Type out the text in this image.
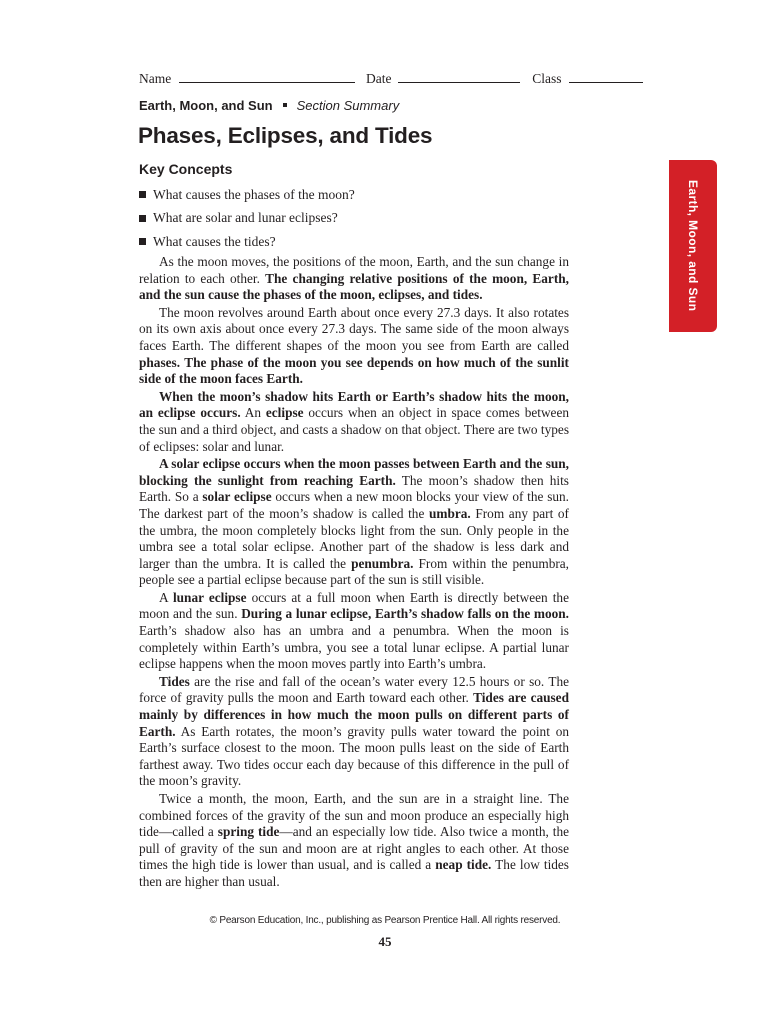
Name	Date	Class
Earth, Moon, and Sun Section Summary
Phases, Eclipses, and Tides
Key Concepts
What causes the phases of the moon?
What are solar and lunar eclipses?
What causes the tides?	Earth, Moon, and Sun

As the moon moves, the positions of the moon, Earth, and the sun change in relation to each other. The changing relative positions of the moon, Earth, and the sun cause the phases of the moon, eclipses, and tides.

The moon revolves around Earth about once every 27.3 days. It also rotates on its own axis about once every 27.3 days. The same side of the moon always faces Earth. The different shapes of the moon you see from Earth are called phases. The phase of the moon you see depends on how much of the sunlit side of the moon faces Earth.

When the moon’s shadow hits Earth or Earth’s shadow hits the moon, an eclipse occurs. An eclipse occurs when an object in space comes between the sun and a third object, and casts a shadow on that object. There are two types of eclipses: solar and lunar.

A solar eclipse occurs when the moon passes between Earth and the sun, blocking the sunlight from reaching Earth. The moon’s shadow then hits Earth. So a solar eclipse occurs when a new moon blocks your view of the sun. The darkest part of the moon’s shadow is called the umbra. From any part of the umbra, the moon completely blocks light from the sun. Only people in the umbra see a total solar eclipse. Another part of the shadow is less dark and larger than the umbra. It is called the penumbra. From within the penumbra, people see a partial eclipse because part of the sun is still visible.

A lunar eclipse occurs at a full moon when Earth is directly between the moon and the sun. During a lunar eclipse, Earth’s shadow falls on the moon. Earth’s shadow also has an umbra and a penumbra. When the moon is completely within Earth’s umbra, you see a total lunar eclipse. A partial lunar eclipse happens when the moon moves partly into Earth’s umbra.

Tides are the rise and fall of the ocean’s water every 12.5 hours or so. The force of gravity pulls the moon and Earth toward each other. Tides are caused mainly by differences in how much the moon pulls on different parts of Earth. As Earth rotates, the moon’s gravity pulls water toward the point on Earth’s surface closest to the moon. The moon pulls least on the side of Earth farthest away. Two tides occur each day because of this difference in the pull of the moon’s gravity.

Twice a month, the moon, Earth, and the sun are in a straight line. The combined forces of the gravity of the sun and moon produce an especially high tide—called a spring tide—and an especially low tide. Also twice a month, the pull of gravity of the sun and moon are at right angles to each other. At those times the high tide is lower than usual, and is called a neap tide. The low tides then are higher than usual.

© Pearson Education, Inc., publishing as Pearson Prentice Hall. All rights reserved.
45
